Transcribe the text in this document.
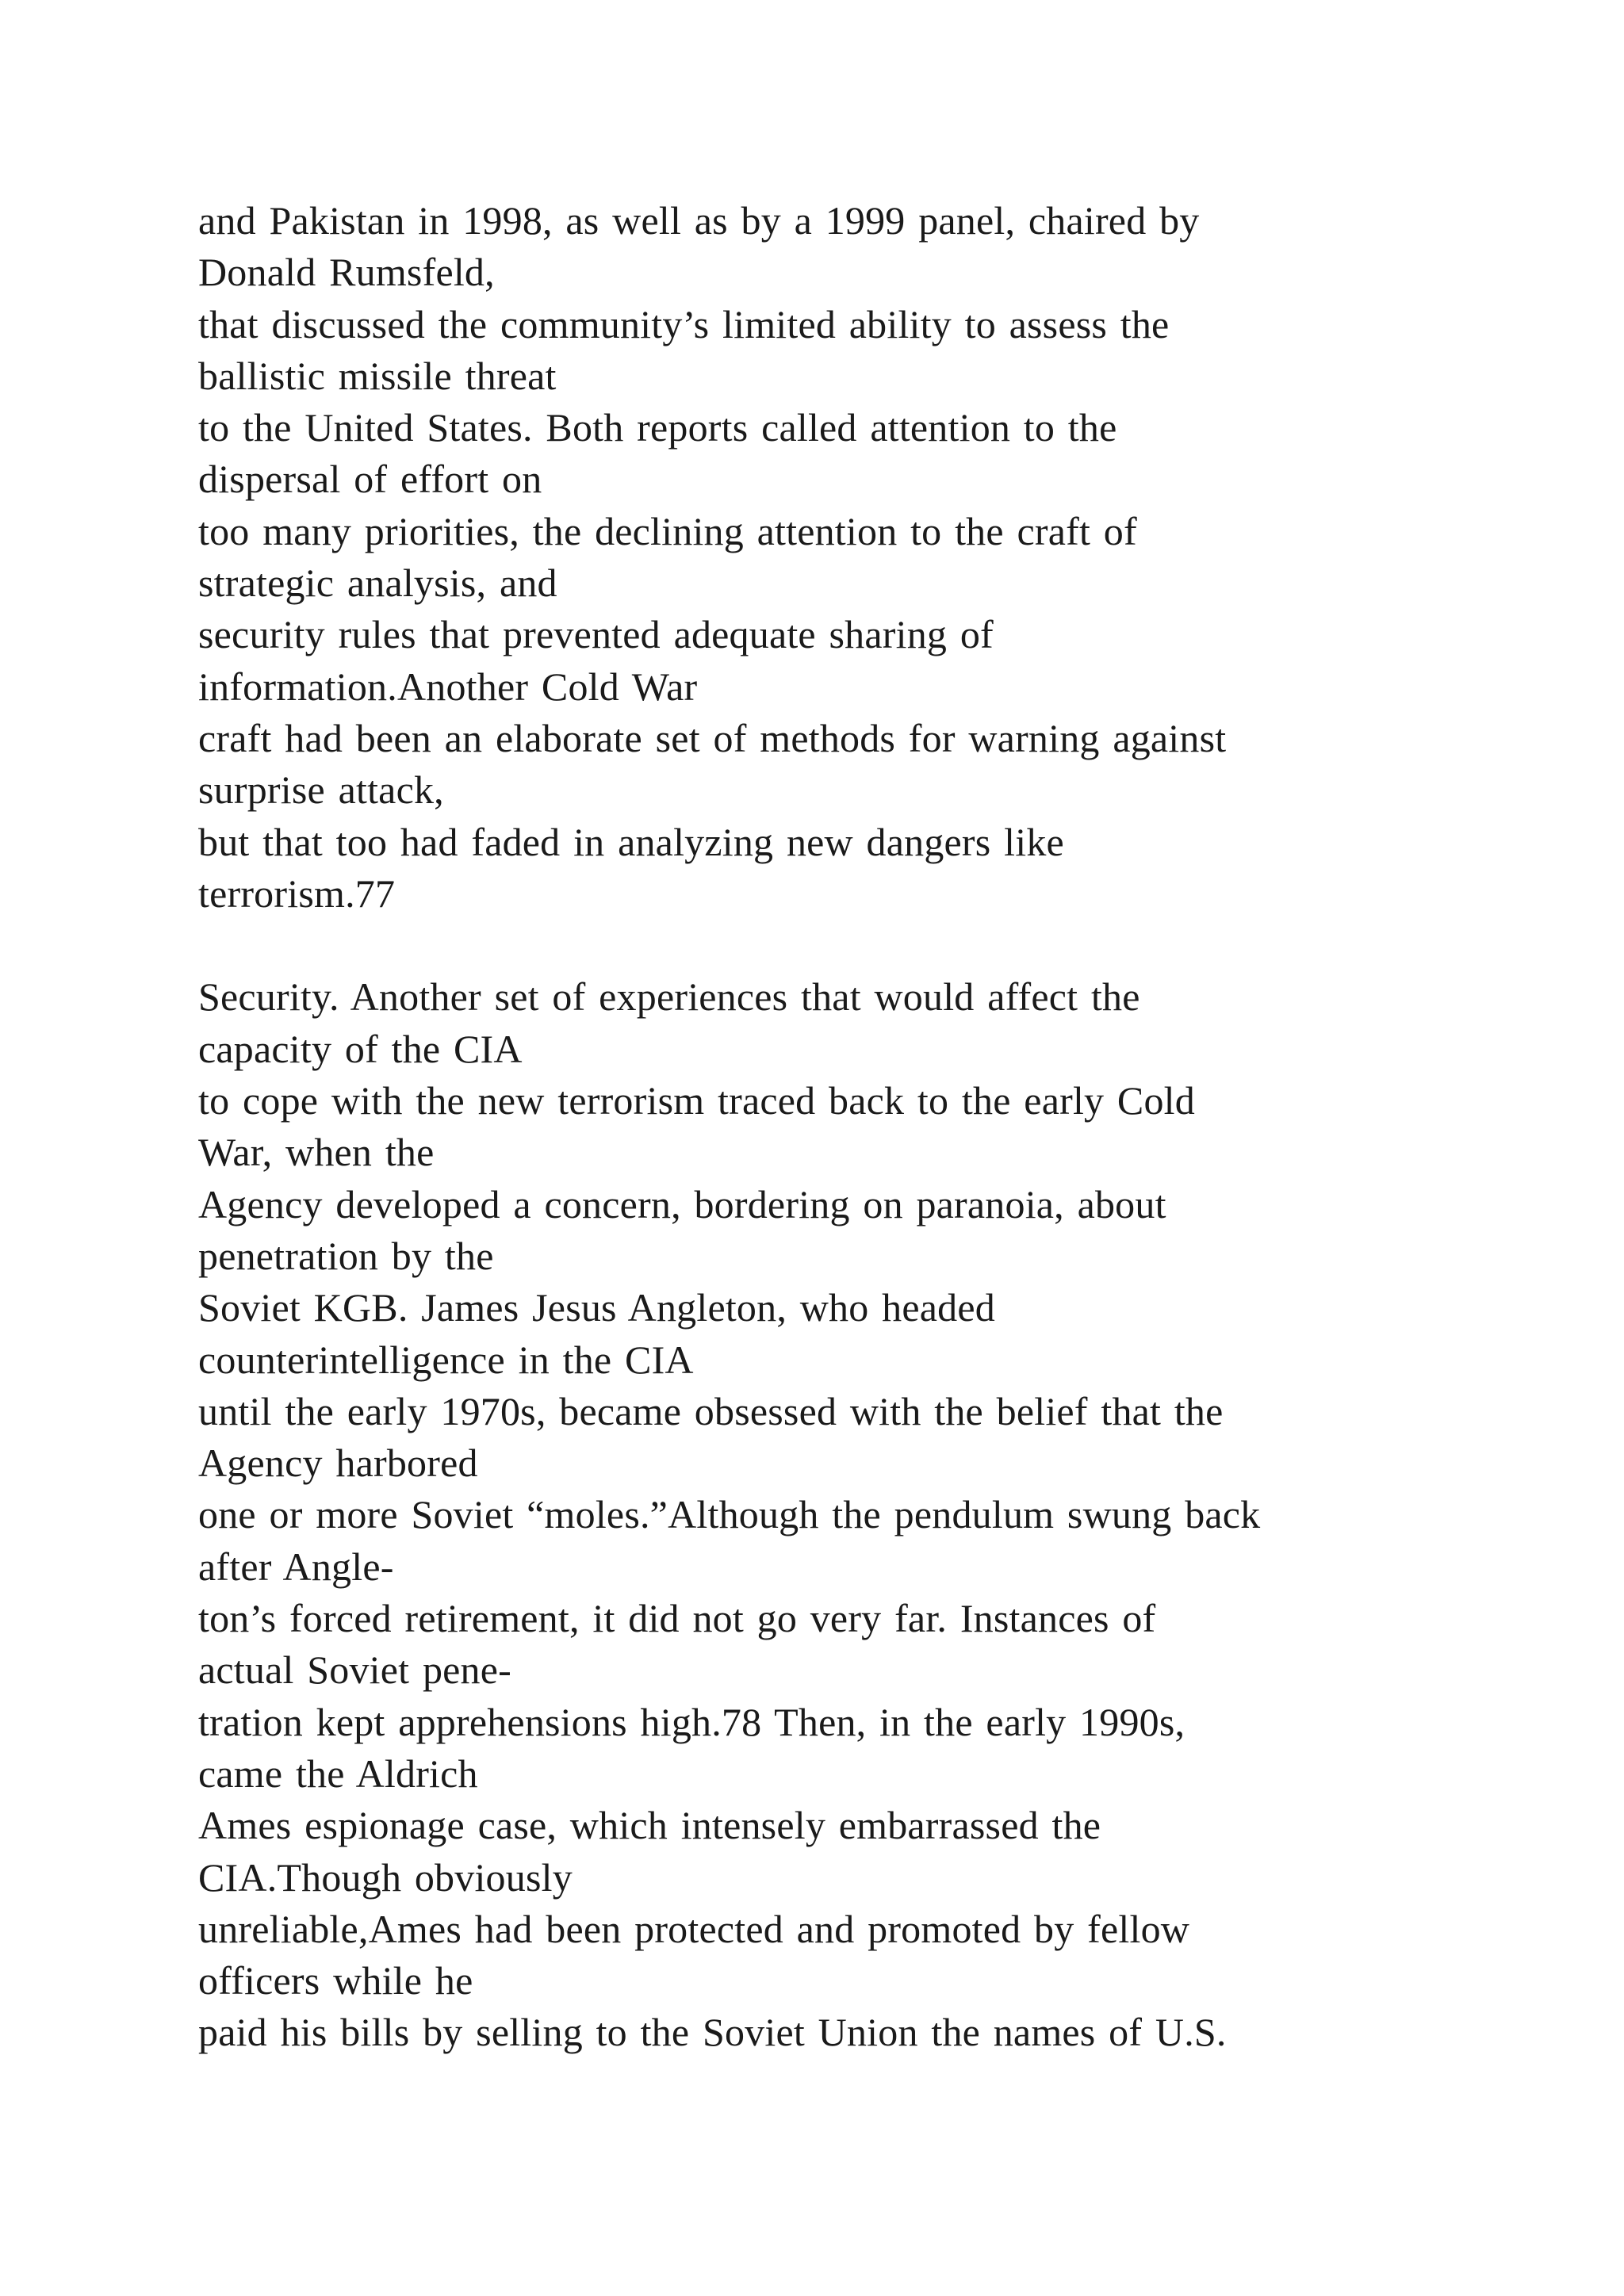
and Pakistan in 1998, as well as by a 1999 panel, chaired by
Donald Rumsfeld,
that discussed the community’s limited ability to assess the
ballistic missile threat
to the United States. Both reports called attention to the
dispersal of effort on
too many priorities, the declining attention to the craft of
strategic analysis, and
security rules that prevented adequate sharing of
information.Another Cold War
craft had been an elaborate set of methods for warning against
surprise attack,
but that too had faded in analyzing new dangers like
terrorism.77
Security. Another set of experiences that would affect the
capacity of the CIA
to cope with the new terrorism traced back to the early Cold
War, when the
Agency developed a concern, bordering on paranoia, about
penetration by the
Soviet KGB. James Jesus Angleton, who headed
counterintelligence in the CIA
until the early 1970s, became obsessed with the belief that the
Agency harbored
one or more Soviet “moles.”Although the pendulum swung back
after Angle-
ton’s forced retirement, it did not go very far. Instances of
actual Soviet pene-
tration kept apprehensions high.78 Then, in the early 1990s,
came the Aldrich
Ames espionage case, which intensely embarrassed the
CIA.Though obviously
unreliable,Ames had been protected and promoted by fellow
officers while he
paid his bills by selling to the Soviet Union the names of U.S.
